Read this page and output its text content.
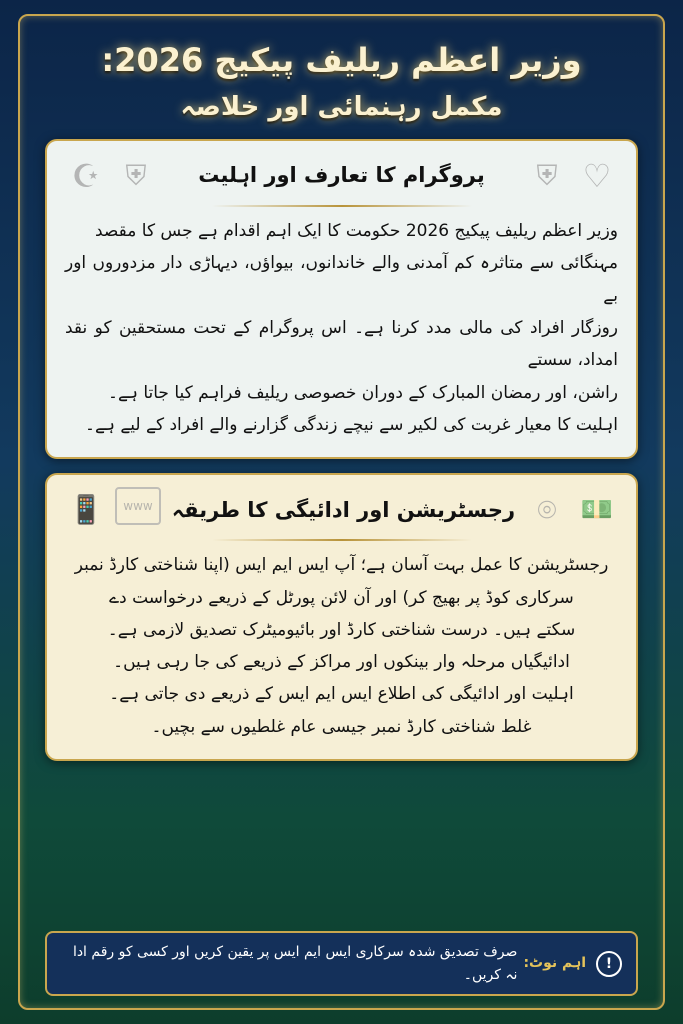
وزیر اعظم ریلیف پیکیج 2026:
مکمل رہنمائی اور خلاصہ
☪ ⛨	پروگرام کا تعارف اور اہلیت	⛨ ♡
وزیر اعظم ریلیف پیکیج 2026 حکومت کا ایک اہم اقدام ہے جس کا مقصد
مہنگائی سے متاثرہ کم آمدنی والے خاندانوں، بیواؤں، دیہاڑی دار مزدوروں اور بے
روزگار افراد کی مالی مدد کرنا ہے۔ اس پروگرام کے تحت مستحقین کو نقد امداد، سستے
راشن، اور رمضان المبارک کے دوران خصوصی ریلیف فراہم کیا جاتا ہے۔
اہلیت کا معیار غربت کی لکیر سے نیچے زندگی گزارنے والے افراد کے لیے ہے۔
📱	www رجسٹریشن اور ادائیگی کا طریقہ ⌾ 💵
رجسٹریشن کا عمل بہت آسان ہے؛ آپ ایس ایم ایس (اپنا شناختی کارڈ نمبر
سرکاری کوڈ پر بھیج کر) اور آن لائن پورٹل کے ذریعے درخواست دے
سکتے ہیں۔ درست شناختی کارڈ اور بائیومیٹرک تصدیق لازمی ہے۔
ادائیگیاں مرحلہ وار بینکوں اور مراکز کے ذریعے کی جا رہی ہیں۔
اہلیت اور ادائیگی کی اطلاع ایس ایم ایس کے ذریعے دی جاتی ہے۔
غلط شناختی کارڈ نمبر جیسی عام غلطیوں سے بچیں۔
!
اہم نوٹ:
صرف تصدیق شدہ سرکاری ایس ایم ایس پر یقین کریں اور کسی کو رقم ادا نہ کریں۔
